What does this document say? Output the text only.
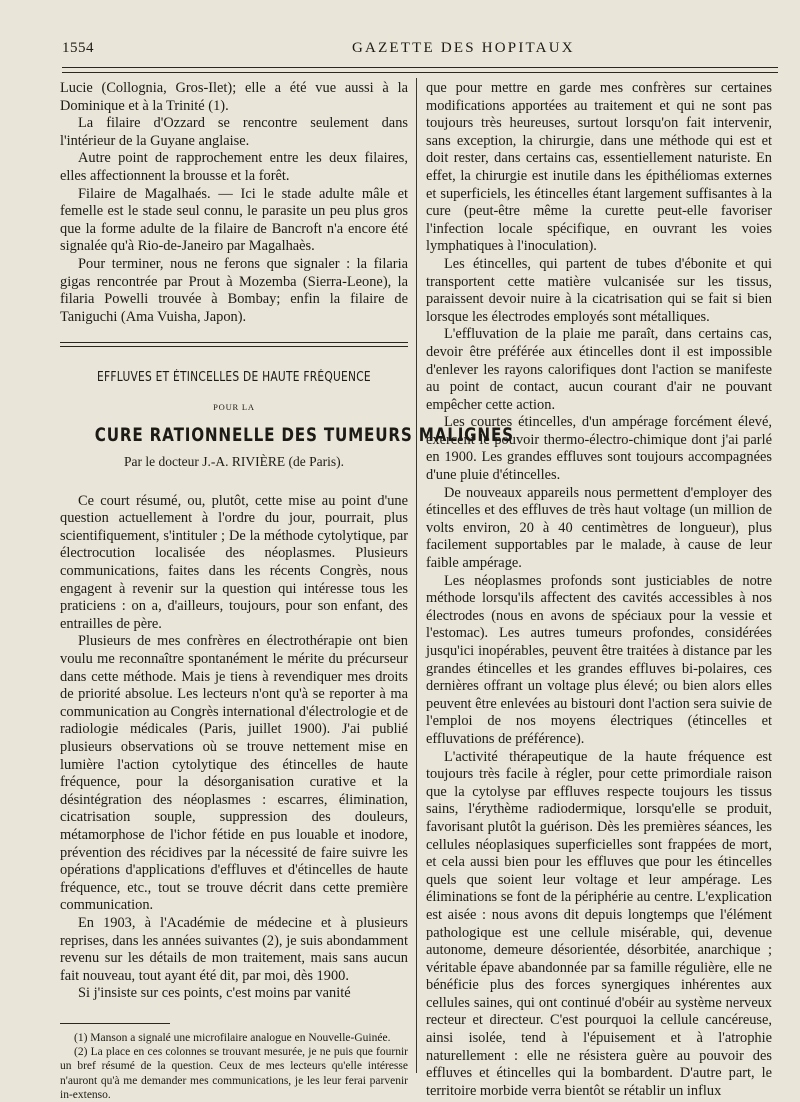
1554	GAZETTE DES HOPITAUX

Lucie (Collognia, Gros-Ilet); elle a été vue aussi à la Dominique et à la Trinité (1).

La filaire d'Ozzard se rencontre seulement dans l'intérieur de la Guyane anglaise.

Autre point de rapprochement entre les deux filaires, elles affectionnent la brousse et la forêt.

Filaire de Magalhaés. — Ici le stade adulte mâle et femelle est le stade seul connu, le parasite un peu plus gros que la forme adulte de la filaire de Bancroft n'a encore été signalée qu'à Rio-de-Janeiro par Magalhaès.

Pour terminer, nous ne ferons que signaler : la filaria gigas rencontrée par Prout à Mozemba (Sierra-Leone), la filaria Powelli trouvée à Bombay; enfin la filaire de Taniguchi (Ama Vuisha, Japon).

EFFLUVES ET ÉTINCELLES DE HAUTE FRÉQUENCE

POUR LA

CURE RATIONNELLE DES TUMEURS MALIGNES

Par le docteur J.-A. RIVIÈRE (de Paris).

Ce court résumé, ou, plutôt, cette mise au point d'une question actuellement à l'ordre du jour, pourrait, plus scientifiquement, s'intituler ; De la méthode cytolytique, par électrocution localisée des néoplasmes. Plusieurs communications, faites dans les récents Congrès, nous engagent à revenir sur la question qui intéresse tous les praticiens : on a, d'ailleurs, toujours, pour son enfant, des entrailles de père.

Plusieurs de mes confrères en électrothérapie ont bien voulu me reconnaître spontanément le mérite du précurseur dans cette méthode. Mais je tiens à revendiquer mes droits de priorité absolue. Les lecteurs n'ont qu'à se reporter à ma communication au Congrès international d'électrologie et de radiologie médicales (Paris, juillet 1900). J'ai publié plusieurs observations où se trouve nettement mise en lumière l'action cytolytique des étincelles de haute fréquence, pour la désorganisation curative et la désintégration des néoplasmes : escarres, élimination, cicatrisation souple, suppression des douleurs, métamorphose de l'ichor fétide en pus louable et inodore, prévention des récidives par la nécessité de faire suivre les opérations d'applications d'effluves et d'étincelles de haute fréquence, etc., tout se trouve décrit dans cette première communication.

En 1903, à l'Académie de médecine et à plusieurs reprises, dans les années suivantes (2), je suis abondamment revenu sur les détails de mon traitement, mais sans aucun fait nouveau, tout ayant été dit, par moi, dès 1900.

Si j'insiste sur ces points, c'est moins par vanité

(1) Manson a signalé une microfilaire analogue en Nouvelle-Guinée.

(2) La place en ces colonnes se trouvant mesurée, je ne puis que fournir un bref résumé de la question. Ceux de mes lecteurs qu'elle intéresse n'auront qu'à me demander mes communications, je les leur ferai parvenir in-extenso.

que pour mettre en garde mes confrères sur certaines modifications apportées au traitement et qui ne sont pas toujours très heureuses, surtout lorsqu'on fait intervenir, sans exception, la chirurgie, dans une méthode qui est et doit rester, dans certains cas, essentiellement naturiste. En effet, la chirurgie est inutile dans les épithéliomas externes et superficiels, les étincelles étant largement suffisantes à la cure (peut-être même la curette peut-elle favoriser l'infection locale spécifique, en ouvrant les voies lymphatiques à l'inoculation).

Les étincelles, qui partent de tubes d'ébonite et qui transportent cette matière vulcanisée sur les tissus, paraissent devoir nuire à la cicatrisation qui se fait si bien lorsque les électrodes employés sont métalliques.

L'effluvation de la plaie me paraît, dans certains cas, devoir être préférée aux étincelles dont il est impossible d'enlever les rayons calorifiques dont l'action se manifeste au point de contact, aucun courant d'air ne pouvant empêcher cette action.

Les courtes étincelles, d'un ampérage forcément élevé, exercent le pouvoir thermo-électro-chimique dont j'ai parlé en 1900. Les grandes effluves sont toujours accompagnées d'une pluie d'étincelles.

De nouveaux appareils nous permettent d'employer des étincelles et des effluves de très haut voltage (un million de volts environ, 20 à 40 centimètres de longueur), plus facilement supportables par le malade, à cause de leur faible ampérage.

Les néoplasmes profonds sont justiciables de notre méthode lorsqu'ils affectent des cavités accessibles à nos électrodes (nous en avons de spéciaux pour la vessie et l'estomac). Les autres tumeurs profondes, considérées jusqu'ici inopérables, peuvent être traitées à distance par les grandes étincelles et les grandes effluves bi-polaires, ces dernières offrant un voltage plus élevé; ou bien alors elles peuvent être enlevées au bistouri dont l'action sera suivie de l'emploi de nos moyens électriques (étincelles et effluvations de préférence).

L'activité thérapeutique de la haute fréquence est toujours très facile à régler, pour cette primordiale raison que la cytolyse par effluves respecte toujours les tissus sains, l'érythème radiodermique, lorsqu'elle se produit, favorisant plutôt la guérison. Dès les premières séances, les cellules néoplasiques superficielles sont frappées de mort, et cela aussi bien pour les effluves que pour les étincelles quels que soient leur voltage et leur ampérage. Les éliminations se font de la périphérie au centre. L'explication est aisée : nous avons dit depuis longtemps que l'élément pathologique est une cellule misérable, qui, devenue autonome, demeure désorientée, désorbitée, anarchique ; véritable épave abandonnée par sa famille régulière, elle ne bénéficie plus des forces synergiques inhérentes aux cellules saines, qui ont continué d'obéir au système nerveux recteur et directeur. C'est pourquoi la cellule cancéreuse, ainsi isolée, tend à l'épuisement et à l'atrophie naturellement : elle ne résistera guère au pouvoir des effluves et étincelles qui la bombardent. D'autre part, le territoire morbide verra bientôt se rétablir un influx
